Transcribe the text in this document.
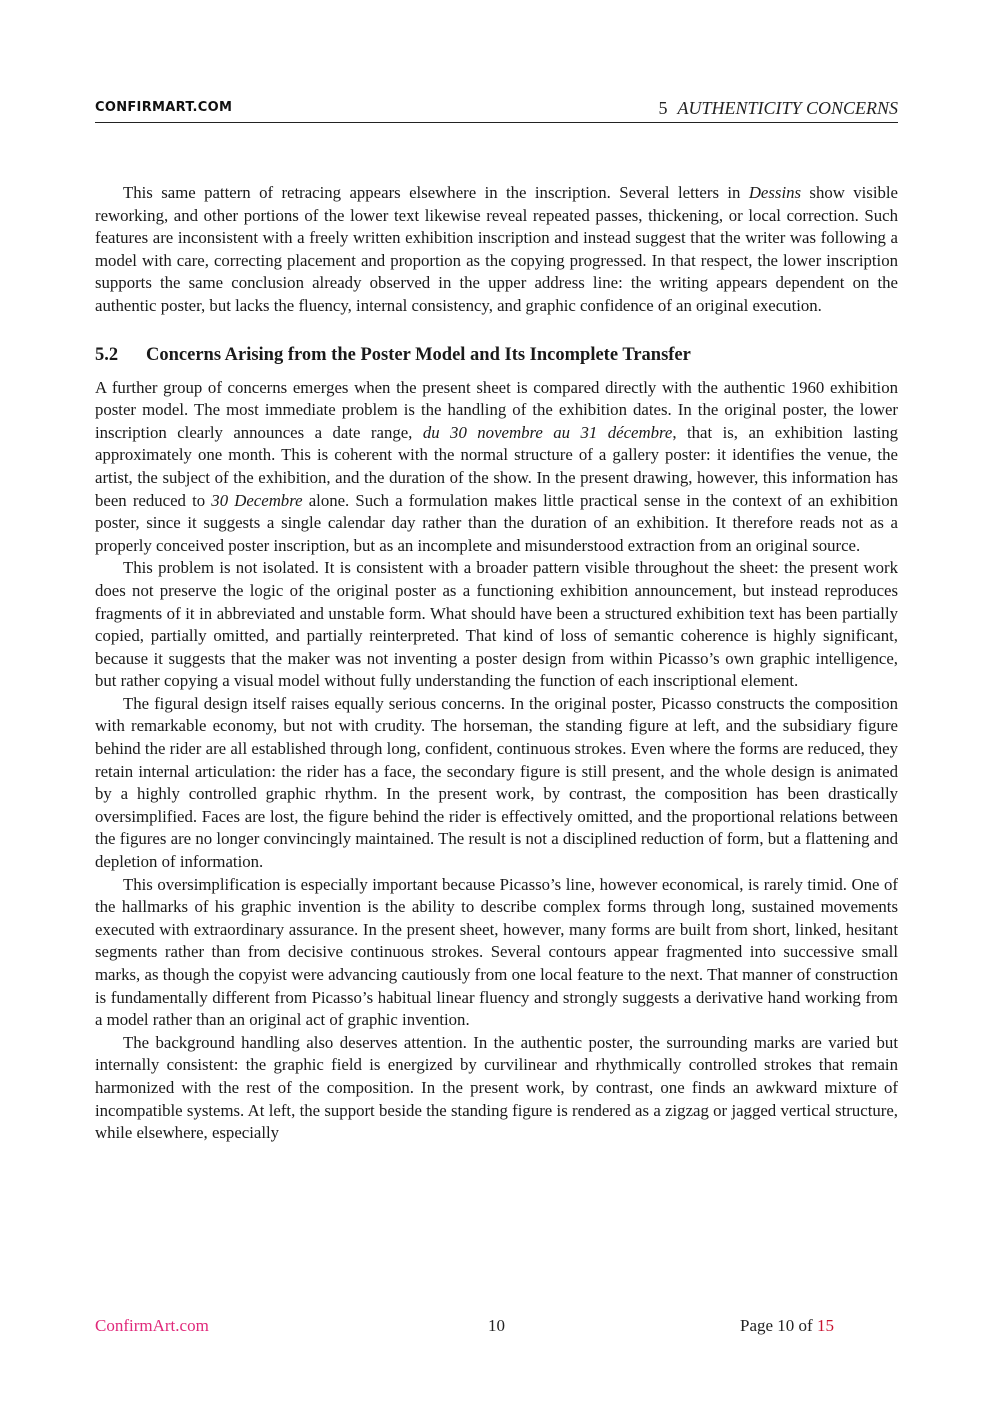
CONFIRMART.COM	5 AUTHENTICITY CONCERNS

This same pattern of retracing appears elsewhere in the inscription. Several letters in Dessins show visible reworking, and other portions of the lower text likewise reveal repeated passes, thickening, or local correction. Such features are inconsistent with a freely written exhibition inscription and instead suggest that the writer was following a model with care, correcting placement and proportion as the copying progressed. In that respect, the lower inscription supports the same conclusion already observed in the upper address line: the writing appears dependent on the authentic poster, but lacks the fluency, internal consistency, and graphic confidence of an original execution.

5.2 Concerns Arising from the Poster Model and Its Incomplete Transfer

A further group of concerns emerges when the present sheet is compared directly with the authentic 1960 exhibition poster model. The most immediate problem is the handling of the exhibition dates. In the original poster, the lower inscription clearly announces a date range, du 30 novembre au 31 décembre, that is, an exhibition lasting approximately one month. This is coherent with the normal structure of a gallery poster: it identifies the venue, the artist, the subject of the exhibition, and the duration of the show. In the present drawing, however, this information has been reduced to 30 Decembre alone. Such a formulation makes little practical sense in the context of an exhibition poster, since it suggests a single calendar day rather than the duration of an exhibition. It therefore reads not as a properly conceived poster inscription, but as an incomplete and misunderstood extraction from an original source.

This problem is not isolated. It is consistent with a broader pattern visible throughout the sheet: the present work does not preserve the logic of the original poster as a functioning exhibition announcement, but instead reproduces fragments of it in abbreviated and unstable form. What should have been a structured exhibition text has been partially copied, partially omitted, and partially reinterpreted. That kind of loss of semantic coherence is highly significant, because it suggests that the maker was not inventing a poster design from within Picasso’s own graphic intelligence, but rather copying a visual model without fully understanding the function of each inscriptional element.

The figural design itself raises equally serious concerns. In the original poster, Picasso constructs the composition with remarkable economy, but not with crudity. The horseman, the standing figure at left, and the subsidiary figure behind the rider are all established through long, confident, continuous strokes. Even where the forms are reduced, they retain internal articulation: the rider has a face, the secondary figure is still present, and the whole design is animated by a highly controlled graphic rhythm. In the present work, by contrast, the composition has been drastically oversimplified. Faces are lost, the figure behind the rider is effectively omitted, and the proportional relations between the figures are no longer convincingly maintained. The result is not a disciplined reduction of form, but a flattening and depletion of information.

This oversimplification is especially important because Picasso’s line, however economical, is rarely timid. One of the hallmarks of his graphic invention is the ability to describe complex forms through long, sustained movements executed with extraordinary assurance. In the present sheet, however, many forms are built from short, linked, hesitant segments rather than from decisive continuous strokes. Several contours appear fragmented into successive small marks, as though the copyist were advancing cautiously from one local feature to the next. That manner of construction is fundamentally different from Picasso’s habitual linear fluency and strongly suggests a derivative hand working from a model rather than an original act of graphic invention.

The background handling also deserves attention. In the authentic poster, the surrounding marks are varied but internally consistent: the graphic field is energized by curvilinear and rhythmically controlled strokes that remain harmonized with the rest of the composition. In the present work, by contrast, one finds an awkward mixture of incompatible systems. At left, the support beside the standing figure is rendered as a zigzag or jagged vertical structure, while elsewhere, especially

ConfirmArt.com	10	Page 10 of 15
